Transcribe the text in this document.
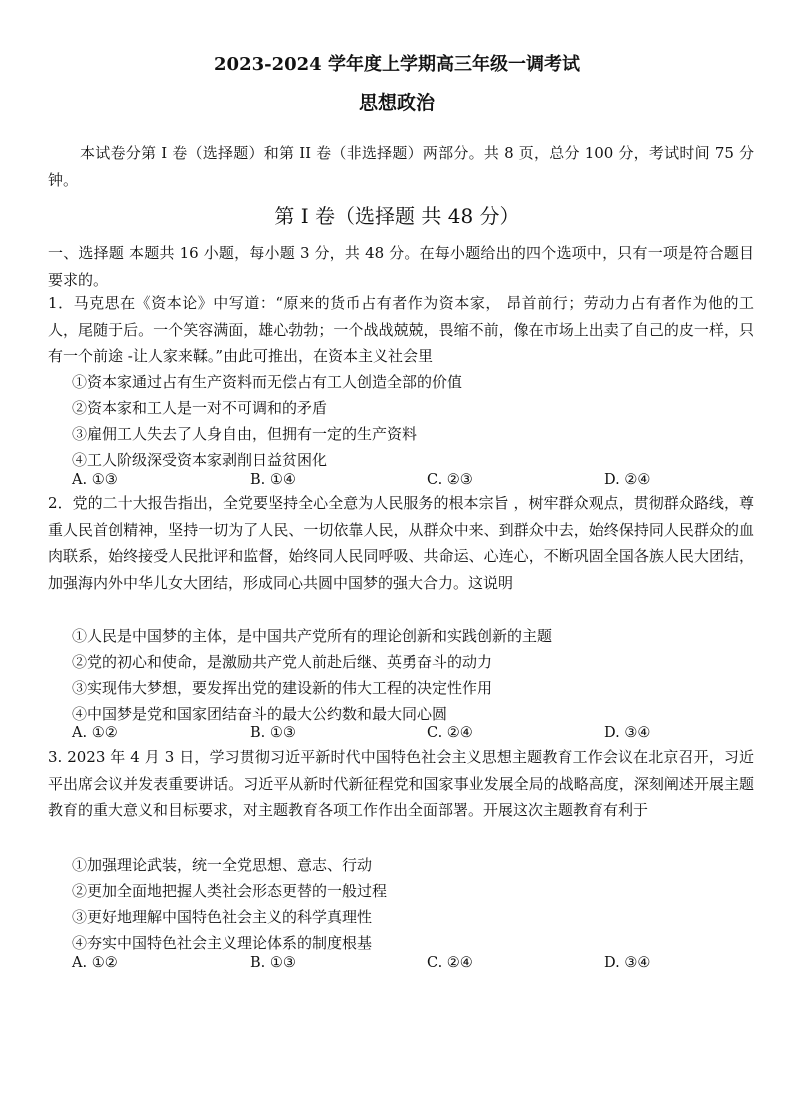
2023-2024 学年度上学期高三年级一调考试
思想政治
本试卷分第 I 卷（选择题）和第 II 卷（非选择题）两部分。共 8 页，总分 100 分，考试时间 75 分钟。
第 I 卷（选择题 共 48 分）
一、选择题 本题共 16 小题，每小题 3 分，共 48 分。在每小题给出的四个选项中，只有一项是符合题目要求的。
1．马克思在《资本论》中写道：“原来的货币占有者作为资本家， 昂首前行；劳动力占有者作为他的工人，尾随于后。一个笑容满面，雄心勃勃；一个战战兢兢，畏缩不前，像在市场上出卖了自己的皮一样，只有一个前途 -让人家来鞣。”由此可推出，在资本主义社会里
①资本家通过占有生产资料而无偿占有工人创造全部的价值
②资本家和工人是一对不可调和的矛盾
③雇佣工人失去了人身自由，但拥有一定的生产资料
④工人阶级深受资本家剥削日益贫困化
A. ①③	B. ①④	C. ②③	D. ②④
2．党的二十大报告指出，全党要坚持全心全意为人民服务的根本宗旨 ，树牢群众观点，贯彻群众路线，尊重人民首创精神，坚持一切为了人民、一切依靠人民，从群众中来、到群众中去，始终保持同人民群众的血肉联系，始终接受人民批评和监督，始终同人民同呼吸、共命运、心连心，不断巩固全国各族人民大团结，加强海内外中华儿女大团结，形成同心共圆中国梦的强大合力。这说明
①人民是中国梦的主体，是中国共产党所有的理论创新和实践创新的主题
②党的初心和使命，是激励共产党人前赴后继、英勇奋斗的动力
③实现伟大梦想，要发挥出党的建设新的伟大工程的决定性作用
④中国梦是党和国家团结奋斗的最大公约数和最大同心圆
A. ①②	B. ①③	C. ②④	D. ③④
3. 2023 年 4 月 3 日，学习贯彻习近平新时代中国特色社会主义思想主题教育工作会议在北京召开，习近平出席会议并发表重要讲话。习近平从新时代新征程党和国家事业发展全局的战略高度，深刻阐述开展主题教育的重大意义和目标要求，对主题教育各项工作作出全面部署。开展这次主题教育有利于
①加强理论武装，统一全党思想、意志、行动
②更加全面地把握人类社会形态更替的一般过程
③更好地理解中国特色社会主义的科学真理性
④夯实中国特色社会主义理论体系的制度根基
A. ①②	B. ①③	C. ②④	D. ③④
